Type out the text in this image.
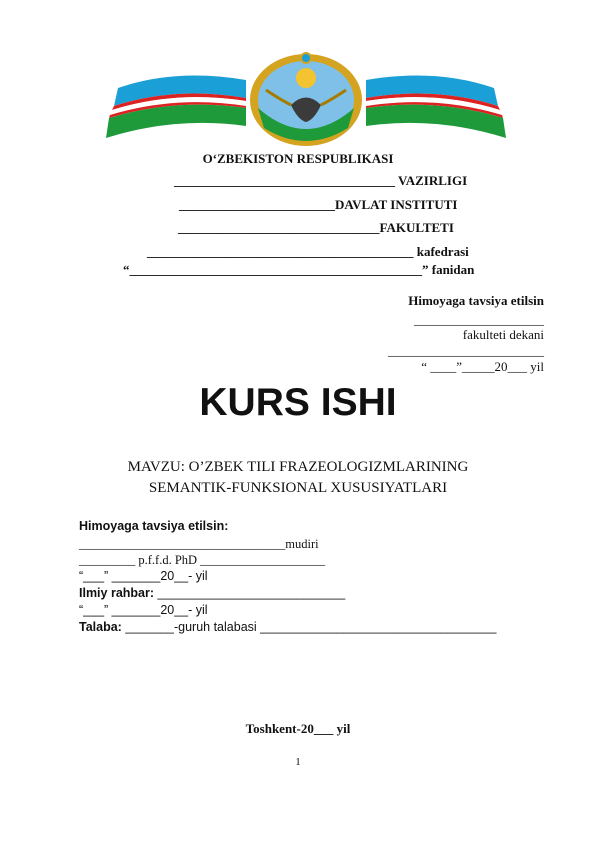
O‘ZBEKISTON RESPUBLIKASI
__________________________________ VAZIRLIGI
________________________DAVLAT INSTITUTI
_______________________________FAKULTETI
_________________________________________ kafedrasi
“_____________________________________________” fanidan
Himoyaga tavsiya etilsin
____________________
fakulteti dekani
________________________
“ ____”_____20___ yil
KURS ISHI
MAVZU: O’ZBEK TILI FRAZEOLOGIZMLARINING
SEMANTIK-FUNKSIONAL XUSUSIYATLARI
Himoyaga tavsiya etilsin:
_________________________________mudiri
_________ p.f.f.d. PhD ____________________
“___” _______20__- yil
Ilmiy rahbar: ___________________________
“___” _______20__- yil
Talaba: _______-guruh talabasi __________________________________
Toshkent-20___ yil
1
